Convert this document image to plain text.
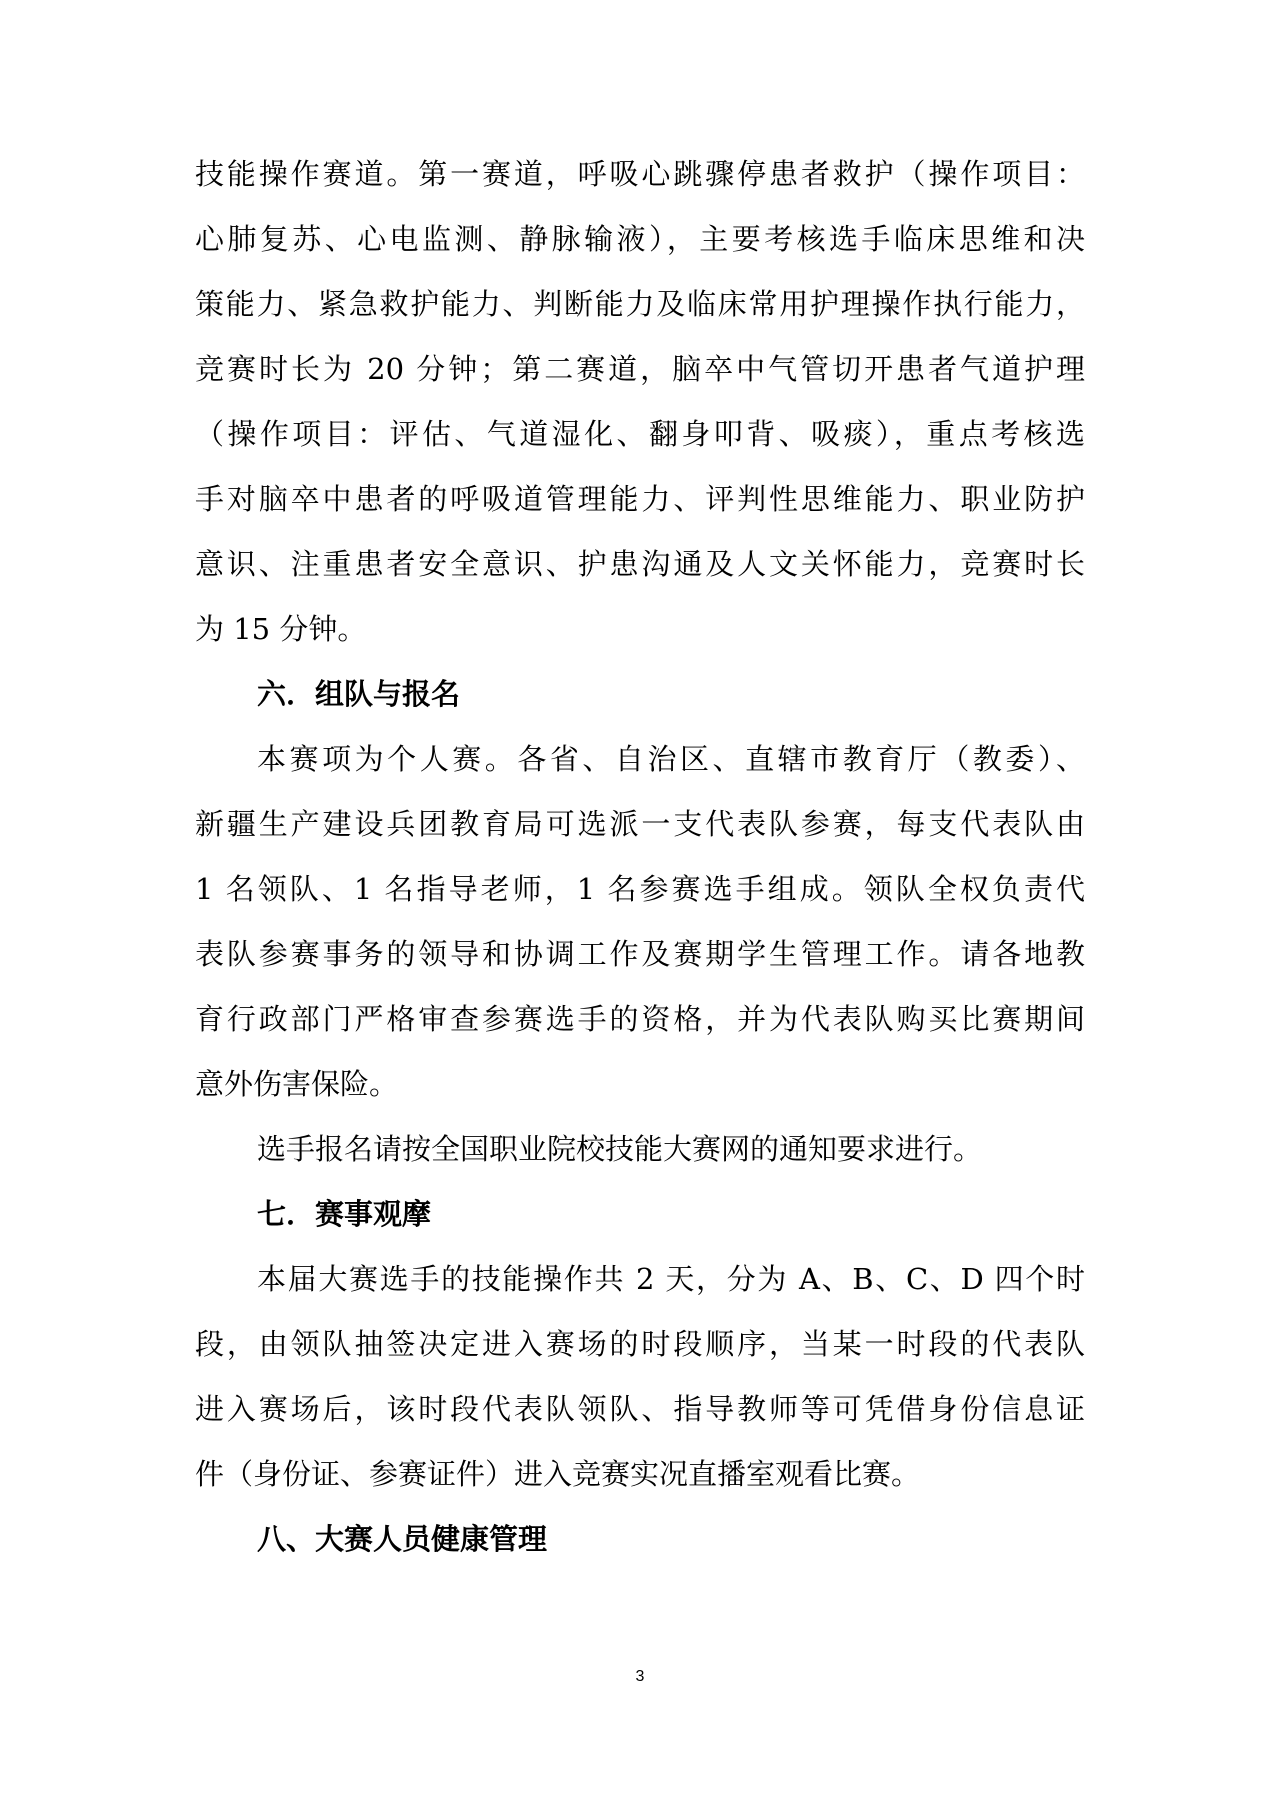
技能操作赛道。第一赛道，呼吸心跳骤停患者救护（操作项目：
心肺复苏、心电监测、静脉输液），主要考核选手临床思维和决
策能力、紧急救护能力、判断能力及临床常用护理操作执行能力，
竞赛时长为 20 分钟；第二赛道，脑卒中气管切开患者气道护理
（操作项目：评估、气道湿化、翻身叩背、吸痰），重点考核选
手对脑卒中患者的呼吸道管理能力、评判性思维能力、职业防护
意识、注重患者安全意识、护患沟通及人文关怀能力，竞赛时长
为 15 分钟。
六．组队与报名
本赛项为个人赛。各省、自治区、直辖市教育厅（教委）、
新疆生产建设兵团教育局可选派一支代表队参赛，每支代表队由
1 名领队、1 名指导老师，1 名参赛选手组成。领队全权负责代
表队参赛事务的领导和协调工作及赛期学生管理工作。请各地教
育行政部门严格审查参赛选手的资格，并为代表队购买比赛期间
意外伤害保险。
选手报名请按全国职业院校技能大赛网的通知要求进行。
七．赛事观摩
本届大赛选手的技能操作共 2 天，分为 A、B、C、D 四个时
段，由领队抽签决定进入赛场的时段顺序，当某一时段的代表队
进入赛场后，该时段代表队领队、指导教师等可凭借身份信息证
件（身份证、参赛证件）进入竞赛实况直播室观看比赛。
八、大赛人员健康管理
3
